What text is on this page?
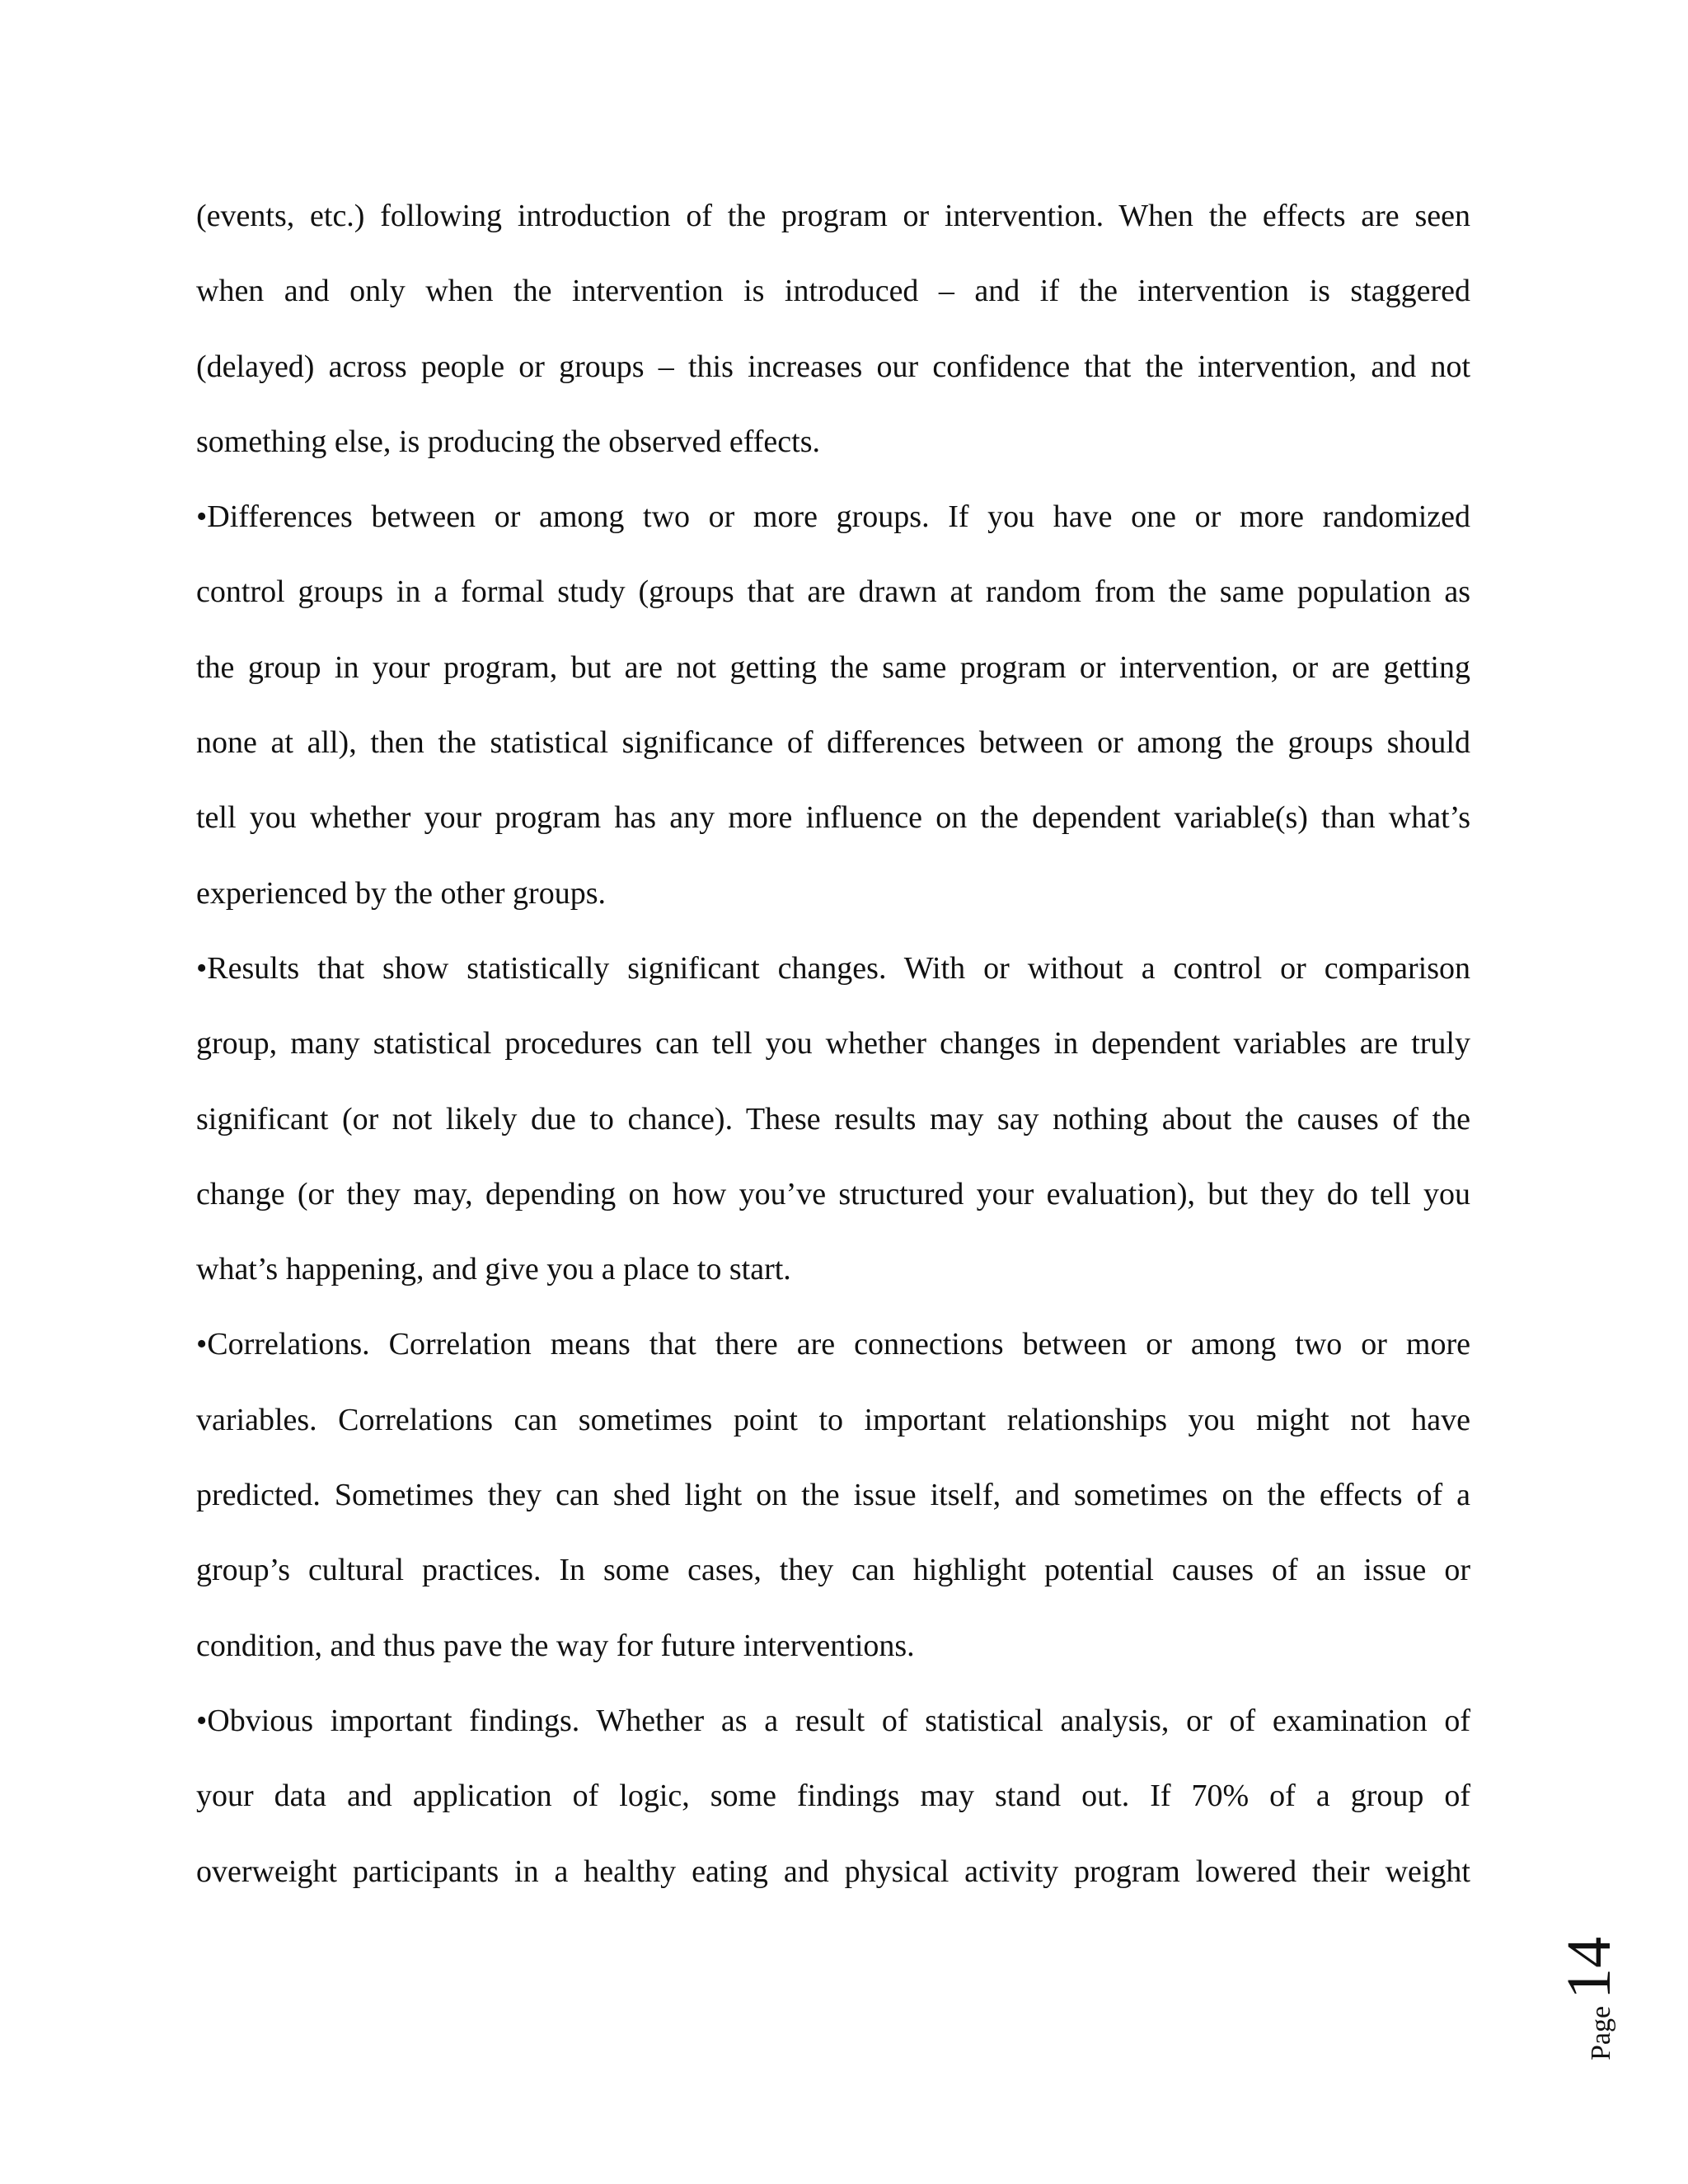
(events, etc.) following introduction of the program or intervention. When the effects are seen
when and only when the intervention is introduced – and if the intervention is staggered
(delayed) across people or groups – this increases our confidence that the intervention, and not
something else, is producing the observed effects.
•Differences between or among two or more groups. If you have one or more randomized
control groups in a formal study (groups that are drawn at random from the same population as
the group in your program, but are not getting the same program or intervention, or are getting
none at all), then the statistical significance of differences between or among the groups should
tell you whether your program has any more influence on the dependent variable(s) than what’s
experienced by the other groups.
•Results that show statistically significant changes. With or without a control or comparison
group, many statistical procedures can tell you whether changes in dependent variables are truly
significant (or not likely due to chance). These results may say nothing about the causes of the
change (or they may, depending on how you’ve structured your evaluation), but they do tell you
what’s happening, and give you a place to start.
•Correlations. Correlation means that there are connections between or among two or more
variables. Correlations can sometimes point to important relationships you might not have
predicted. Sometimes they can shed light on the issue itself, and sometimes on the effects of a
group’s cultural practices. In some cases, they can highlight potential causes of an issue or
condition, and thus pave the way for future interventions.
•Obvious important findings. Whether as a result of statistical analysis, or of examination of
your data and application of logic, some findings may stand out. If 70% of a group of
overweight participants in a healthy eating and physical activity program lowered their weight
Page
14
